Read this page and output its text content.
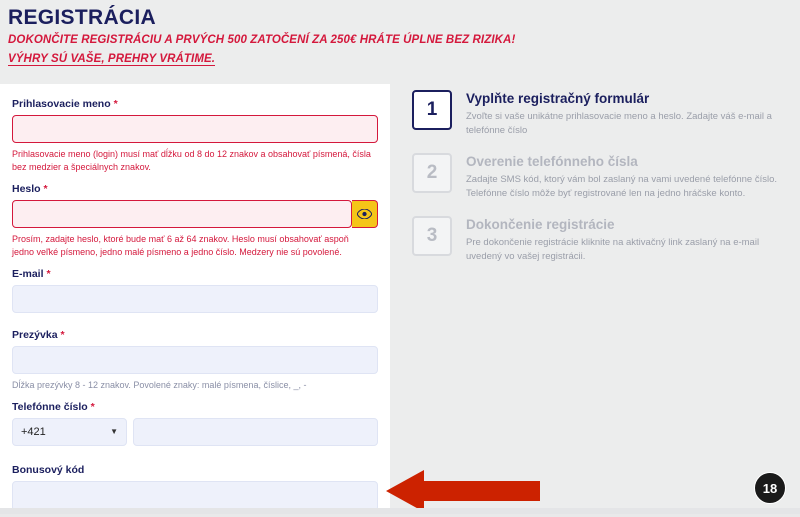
REGISTRÁCIA
DOKONČITE REGISTRÁCIU A PRVÝCH 500 ZATOČENÍ ZA 250€ HRÁTE ÚPLNE BEZ RIZIKA!
VÝHRY SÚ VAŠE, PREHRY VRÁTIME.
Prihlasovacie meno *
Prihlasovacie meno (login) musí mať dĺžku od 8 do 12 znakov a obsahovať písmená, čísla bez medzier a špeciálnych znakov.
Heslo *
Prosím, zadajte heslo, ktoré bude mať 6 až 64 znakov. Heslo musí obsahovať aspoň jedno veľké písmeno, jedno malé písmeno a jedno číslo. Medzery nie sú povolené.
E-mail *
Prezývka *
Dĺžka prezývky 8 - 12 znakov. Povolené znaky: malé písmena, číslice, _, -
Telefónne číslo *
+421	▼
Bonusový kód
1
Vyplňte registračný formulár
Zvoľte si vaše unikátne prihlasovacie meno a heslo. Zadajte váš e-mail a telefónne číslo
2
Overenie telefónneho čísla
Zadajte SMS kód, ktorý vám bol zaslaný na vami uvedené telefónne číslo. Telefónne číslo môže byť registrované len na jedno hráčske konto.
3
Dokončenie registrácie
Pre dokončenie registrácie kliknite na aktivačný link zaslaný na e-mail uvedený vo vašej registrácii.
18
